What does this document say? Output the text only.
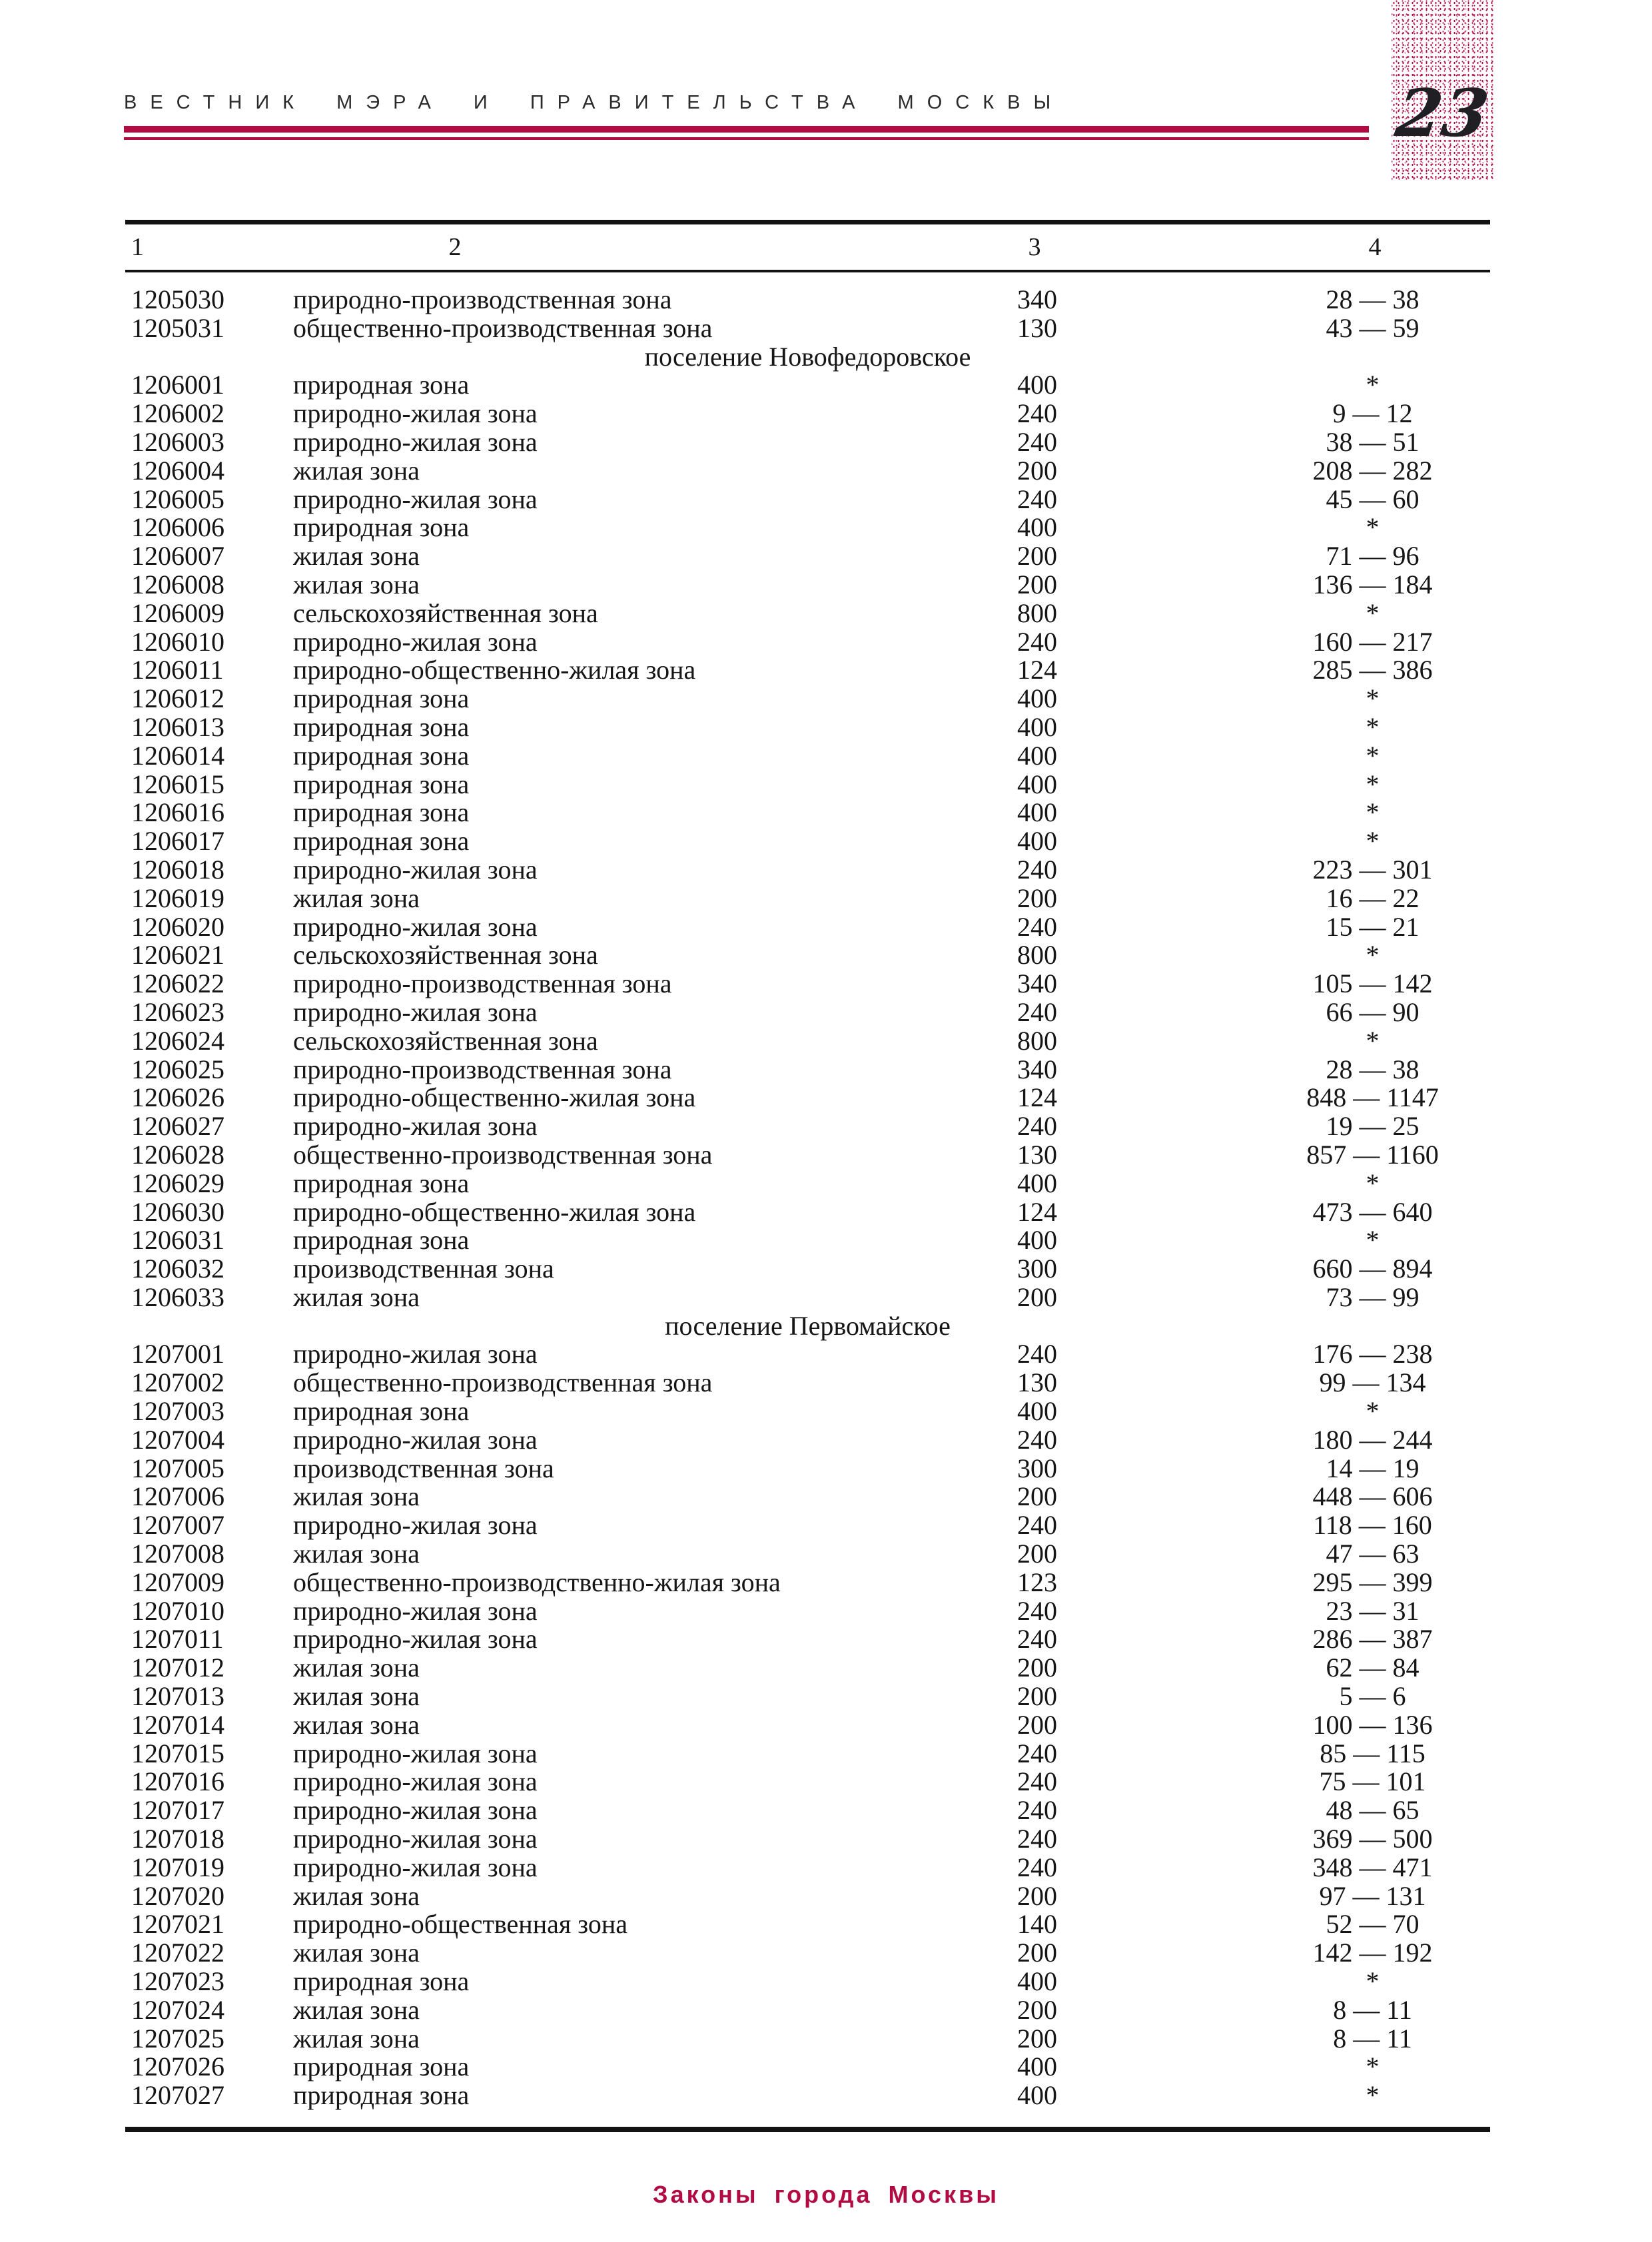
ВЕСТНИК МЭРА И ПРАВИТЕЛЬСТВА МОСКВЫ	23
1	2	3	4
1205030	природно-производственная зона	340	28 — 38
1205031	общественно-производственная зона	130	43 — 59
поселение Новофедоровское
1206001	природная зона	400	*
1206002	природно-жилая зона	240	9 — 12
1206003	природно-жилая зона	240	38 — 51
1206004	жилая зона	200	208 — 282
1206005	природно-жилая зона	240	45 — 60
1206006	природная зона	400	*
1206007	жилая зона	200	71 — 96
1206008	жилая зона	200	136 — 184
1206009	сельскохозяйственная зона	800	*
1206010	природно-жилая зона	240	160 — 217
1206011	природно-общественно-жилая зона	124	285 — 386
1206012	природная зона	400	*
1206013	природная зона	400	*
1206014	природная зона	400	*
1206015	природная зона	400	*
1206016	природная зона	400	*
1206017	природная зона	400	*
1206018	природно-жилая зона	240	223 — 301
1206019	жилая зона	200	16 — 22
1206020	природно-жилая зона	240	15 — 21
1206021	сельскохозяйственная зона	800	*
1206022	природно-производственная зона	340	105 — 142
1206023	природно-жилая зона	240	66 — 90
1206024	сельскохозяйственная зона	800	*
1206025	природно-производственная зона	340	28 — 38
1206026	природно-общественно-жилая зона	124	848 — 1147
1206027	природно-жилая зона	240	19 — 25
1206028	общественно-производственная зона	130	857 — 1160
1206029	природная зона	400	*
1206030	природно-общественно-жилая зона	124	473 — 640
1206031	природная зона	400	*
1206032	производственная зона	300	660 — 894
1206033	жилая зона	200	73 — 99
поселение Первомайское
1207001	природно-жилая зона	240	176 — 238
1207002	общественно-производственная зона	130	99 — 134
1207003	природная зона	400	*
1207004	природно-жилая зона	240	180 — 244
1207005	производственная зона	300	14 — 19
1207006	жилая зона	200	448 — 606
1207007	природно-жилая зона	240	118 — 160
1207008	жилая зона	200	47 — 63
1207009	общественно-производственно-жилая зона	123	295 — 399
1207010	природно-жилая зона	240	23 — 31
1207011	природно-жилая зона	240	286 — 387
1207012	жилая зона	200	62 — 84
1207013	жилая зона	200	5 — 6
1207014	жилая зона	200	100 — 136
1207015	природно-жилая зона	240	85 — 115
1207016	природно-жилая зона	240	75 — 101
1207017	природно-жилая зона	240	48 — 65
1207018	природно-жилая зона	240	369 — 500
1207019	природно-жилая зона	240	348 — 471
1207020	жилая зона	200	97 — 131
1207021	природно-общественная зона	140	52 — 70
1207022	жилая зона	200	142 — 192
1207023	природная зона	400	*
1207024	жилая зона	200	8 — 11
1207025	жилая зона	200	8 — 11
1207026	природная зона	400	*
1207027	природная зона	400	*
Законы города Москвы
